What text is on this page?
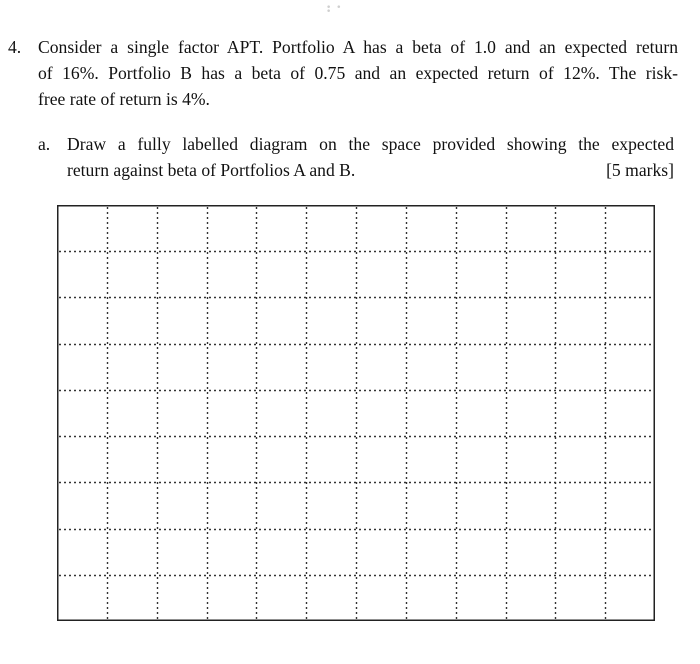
• • •
4. Consider a single factor APT. Portfolio A has a beta of 1.0 and an expected return
of 16%. Portfolio B has a beta of 0.75 and an expected return of 12%. The risk-
free rate of return is 4%.
a. Draw a fully labelled diagram on the space provided showing the expected
return against beta of Portfolios A and B.	[5 marks]
